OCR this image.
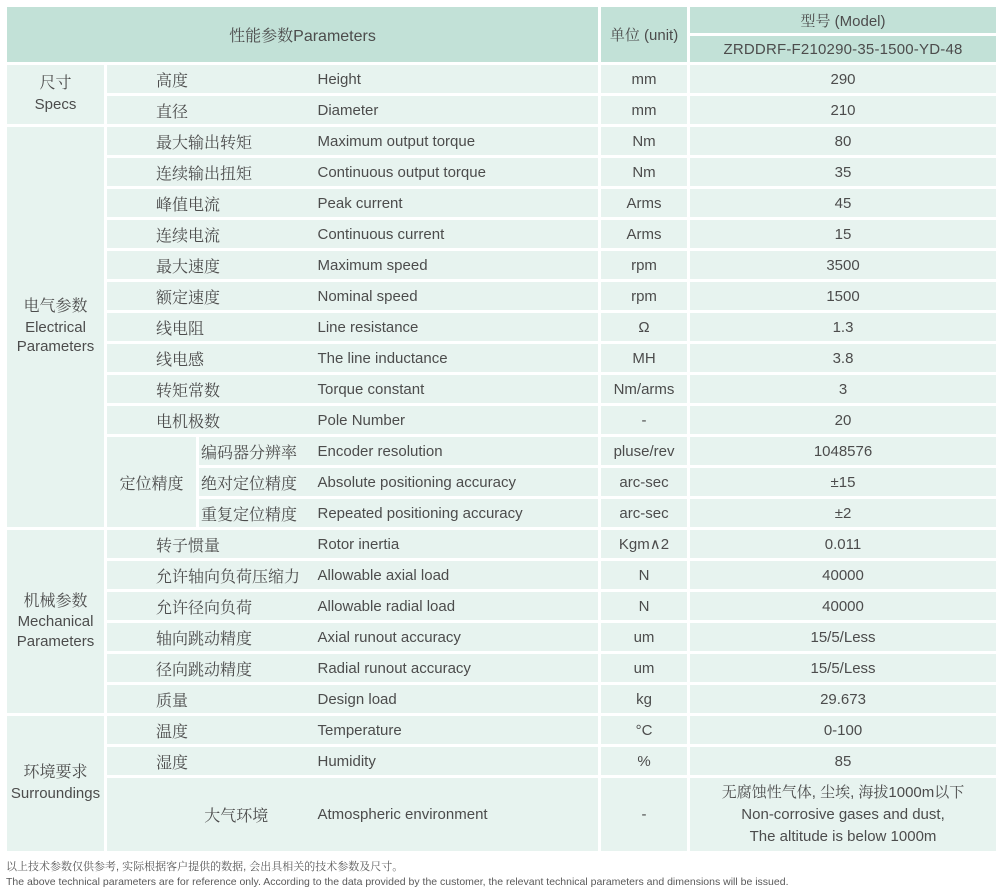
性能参数Parameters				单位 (unit)	型号 (Model)
					ZRDDRF-F210290-35-1500-YD-48

尺寸
Specs	高度		Height	mm	290
	直径		Diameter	mm	210

电气参数
Electrical Parameters	最大输出转矩		Maximum output torque	Nm	80
	连续输出扭矩		Continuous output torque	Nm	35
	峰值电流		Peak current	Arms	45
	连续电流		Continuous current	Arms	15
	最大速度		Maximum speed	rpm	3500
	额定速度		Nominal speed	rpm	1500
	线电阻		Line resistance	Ω	1.3
	线电感		The line inductance	MH	3.8
	转矩常数		Torque constant	Nm/arms	3
	电机极数		Pole Number	-	20
	定位精度	编码器分辨率	Encoder resolution	pluse/rev	1048576
		绝对定位精度	Absolute positioning accuracy	arc-sec	±15
		重复定位精度	Repeated positioning accuracy	arc-sec	±2

机械参数
Mechanical Parameters	转子惯量		Rotor inertia	Kgm∧2	0.011
	允许轴向负荷压缩力		Allowable axial load	N	40000
	允许径向负荷		Allowable radial load	N	40000
	轴向跳动精度		Axial runout accuracy	um	15/5/Less
	径向跳动精度		Radial runout accuracy	um	15/5/Less
	质量		Design load	kg	29.673

环境要求
Surroundings	温度		Temperature	°C	0-100
	湿度		Humidity	%	85
	大气环境		Atmospheric environment	-	无腐蚀性气体, 尘埃, 海拔1000m以下
Non-corrosive gases and dust,
The altitude is below 1000m
以上技术参数仅供参考, 实际根据客户提供的数据, 会出具相关的技术参数及尺寸。
The above technical parameters are for reference only. According to the data provided by the customer, the relevant technical parameters and dimensions will be issued.
